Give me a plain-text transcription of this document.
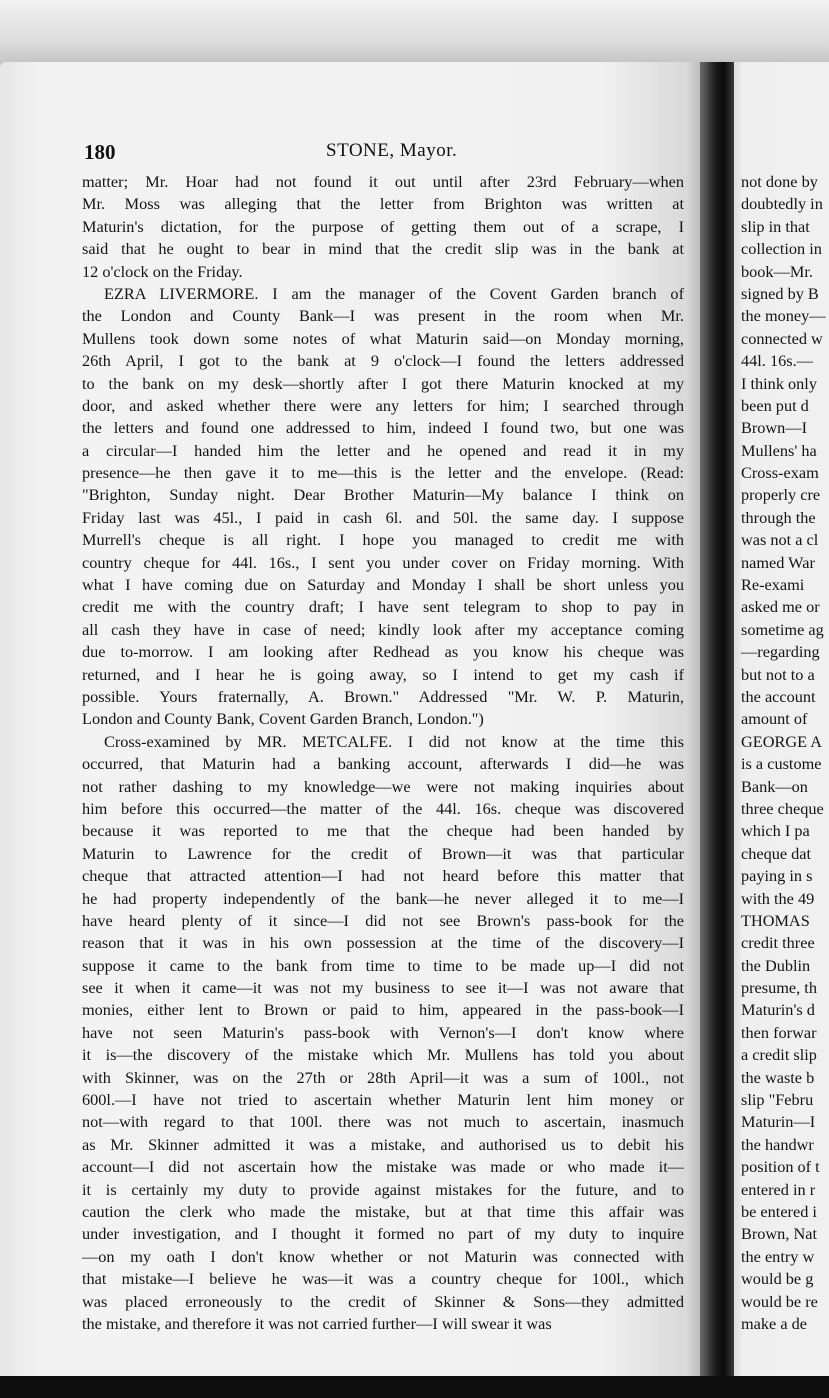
180	STONE, Mayor.
matter; Mr. Hoar had not found it out until after 23rd February—when
Mr. Moss was alleging that the letter from Brighton was written at
Maturin's dictation, for the purpose of getting them out of a scrape, I
said that he ought to bear in mind that the credit slip was in the bank at
12 o'clock on the Friday.
EZRA LIVERMORE. I am the manager of the Covent Garden branch of
the London and County Bank—I was present in the room when Mr.
Mullens took down some notes of what Maturin said—on Monday morning,
26th April, I got to the bank at 9 o'clock—I found the letters addressed
to the bank on my desk—shortly after I got there Maturin knocked at my
door, and asked whether there were any letters for him; I searched through
the letters and found one addressed to him, indeed I found two, but one was
a circular—I handed him the letter and he opened and read it in my
presence—he then gave it to me—this is the letter and the envelope. (Read:
"Brighton, Sunday night. Dear Brother Maturin—My balance I think on
Friday last was 45l., I paid in cash 6l. and 50l. the same day. I suppose
Murrell's cheque is all right. I hope you managed to credit me with
country cheque for 44l. 16s., I sent you under cover on Friday morning. With
what I have coming due on Saturday and Monday I shall be short unless you
credit me with the country draft; I have sent telegram to shop to pay in
all cash they have in case of need; kindly look after my acceptance coming
due to-morrow. I am looking after Redhead as you know his cheque was
returned, and I hear he is going away, so I intend to get my cash if
possible. Yours fraternally, A. Brown." Addressed "Mr. W. P. Maturin,
London and County Bank, Covent Garden Branch, London.")
Cross-examined by MR. METCALFE. I did not know at the time this
occurred, that Maturin had a banking account, afterwards I did—he was
not rather dashing to my knowledge—we were not making inquiries about
him before this occurred—the matter of the 44l. 16s. cheque was discovered
because it was reported to me that the cheque had been handed by
Maturin to Lawrence for the credit of Brown—it was that particular
cheque that attracted attention—I had not heard before this matter that
he had property independently of the bank—he never alleged it to me—I
have heard plenty of it since—I did not see Brown's pass-book for the
reason that it was in his own possession at the time of the discovery—I
suppose it came to the bank from time to time to be made up—I did not
see it when it came—it was not my business to see it—I was not aware that
monies, either lent to Brown or paid to him, appeared in the pass-book—I
have not seen Maturin's pass-book with Vernon's—I don't know where
it is—the discovery of the mistake which Mr. Mullens has told you about
with Skinner, was on the 27th or 28th April—it was a sum of 100l., not
600l.—I have not tried to ascertain whether Maturin lent him money or
not—with regard to that 100l. there was not much to ascertain, inasmuch
as Mr. Skinner admitted it was a mistake, and authorised us to debit his
account—I did not ascertain how the mistake was made or who made it—
it is certainly my duty to provide against mistakes for the future, and to
caution the clerk who made the mistake, but at that time this affair was
under investigation, and I thought it formed no part of my duty to inquire
—on my oath I don't know whether or not Maturin was connected with
that mistake—I believe he was—it was a country cheque for 100l., which
was placed erroneously to the credit of Skinner & Sons—they admitted
the mistake, and therefore it was not carried further—I will swear it was
not done by
doubtedly in
slip in that
collection in
book—Mr.
signed by B
the money—
connected w
44l. 16s.—
I think only
been put d
Brown—I
Mullens' ha
Cross-exam
properly cre
through the
was not a cl
named War
Re-exami
asked me or
sometime ag
—regarding
but not to a
the account
amount of
GEORGE A
is a custome
Bank—on
three cheque
which I pa
cheque dat
paying in s
with the 49
THOMAS
credit three
the Dublin
presume, th
Maturin's d
then forwar
a credit slip
the waste b
slip "Febru
Maturin—I
the handwr
position of t
entered in r
be entered i
Brown, Nat
the entry w
would be g
would be re
make a de
